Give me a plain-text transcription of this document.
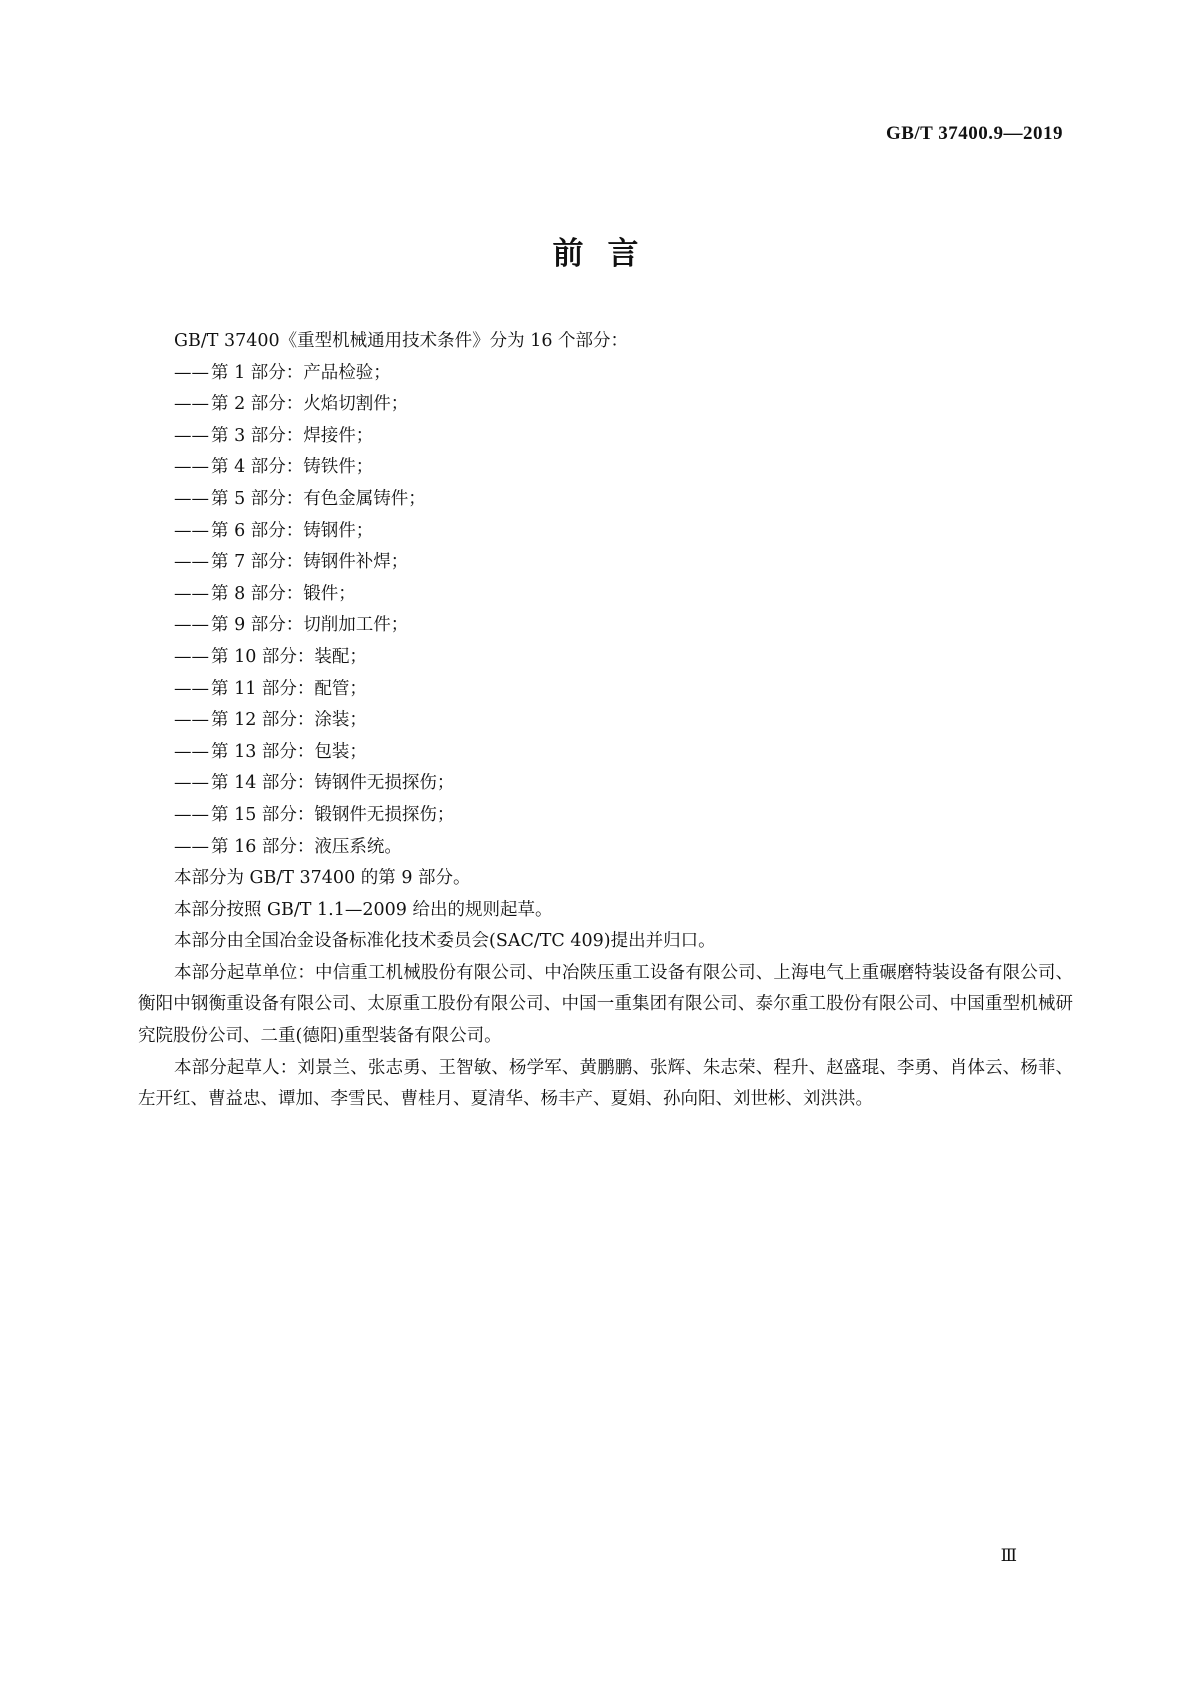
GB/T 37400.9—2019
前言

GB/T 37400《重型机械通用技术条件》分为 16 个部分：

—— 第 1 部分：产品检验；
—— 第 2 部分：火焰切割件；
—— 第 3 部分：焊接件；
—— 第 4 部分：铸铁件；
—— 第 5 部分：有色金属铸件；
—— 第 6 部分：铸钢件；
—— 第 7 部分：铸钢件补焊；
—— 第 8 部分：锻件；
—— 第 9 部分：切削加工件；
—— 第 10 部分：装配；
—— 第 11 部分：配管；
—— 第 12 部分：涂装；
—— 第 13 部分：包装；
—— 第 14 部分：铸钢件无损探伤；
—— 第 15 部分：锻钢件无损探伤；
—— 第 16 部分：液压系统。

本部分为 GB/T 37400 的第 9 部分。

本部分按照 GB/T 1.1—2009 给出的规则起草。

本部分由全国冶金设备标准化技术委员会(SAC/TC 409)提出并归口。

本部分起草单位：中信重工机械股份有限公司、中冶陕压重工设备有限公司、上海电气上重碾磨特装设备有限公司、衡阳中钢衡重设备有限公司、太原重工股份有限公司、中国一重集团有限公司、泰尔重工股份有限公司、中国重型机械研究院股份公司、二重(德阳)重型装备有限公司。

本部分起草人：刘景兰、张志勇、王智敏、杨学军、黄鹏鹏、张辉、朱志荣、程升、赵盛琨、李勇、肖体云、杨菲、左开红、曹益忠、谭加、李雪民、曹桂月、夏清华、杨丰产、夏娟、孙向阳、刘世彬、刘洪洪。

Ⅲ
